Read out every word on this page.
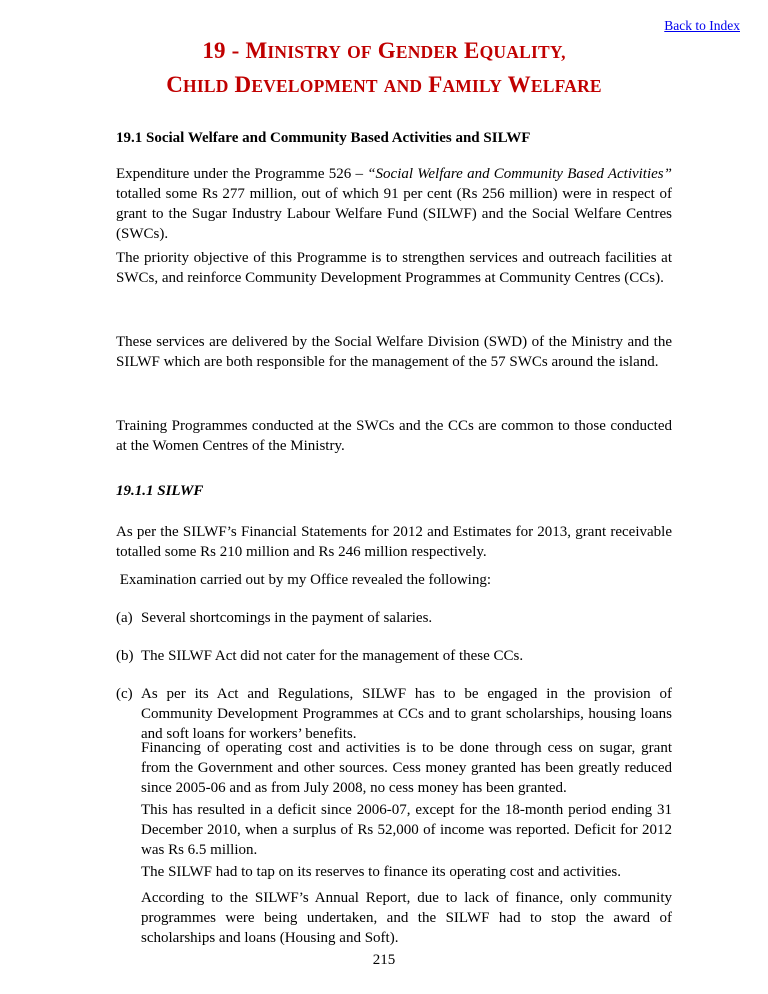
Back to Index
19 - MINISTRY OF GENDER EQUALITY,
CHILD DEVELOPMENT AND FAMILY WELFARE

19.1 Social Welfare and Community Based Activities and SILWF

Expenditure under the Programme 526 – “Social Welfare and Community Based Activities” totalled some Rs 277 million, out of which 91 per cent (Rs 256 million) were in respect of grant to the Sugar Industry Labour Welfare Fund (SILWF) and the Social Welfare Centres (SWCs).

The priority objective of this Programme is to strengthen services and outreach facilities at SWCs, and reinforce Community Development Programmes at Community Centres (CCs).

These services are delivered by the Social Welfare Division (SWD) of the Ministry and the SILWF which are both responsible for the management of the 57 SWCs around the island.

Training Programmes conducted at the SWCs and the CCs are common to those conducted at the Women Centres of the Ministry.

19.1.1 SILWF

As per the SILWF’s Financial Statements for 2012 and Estimates for 2013, grant receivable totalled some Rs 210 million and Rs 246 million respectively.

Examination carried out by my Office revealed the following:

(a) Several shortcomings in the payment of salaries.
(b) The SILWF Act did not cater for the management of these CCs.
(c) As per its Act and Regulations, SILWF has to be engaged in the provision of Community Development Programmes at CCs and to grant scholarships, housing loans and soft loans for workers’ benefits.

Financing of operating cost and activities is to be done through cess on sugar, grant from the Government and other sources. Cess money granted has been greatly reduced since 2005-06 and as from July 2008, no cess money has been granted.

This has resulted in a deficit since 2006-07, except for the 18-month period ending 31 December 2010, when a surplus of Rs 52,000 of income was reported. Deficit for 2012 was Rs 6.5 million.

The SILWF had to tap on its reserves to finance its operating cost and activities.

According to the SILWF’s Annual Report, due to lack of finance, only community programmes were being undertaken, and the SILWF had to stop the award of scholarships and loans (Housing and Soft).

215
